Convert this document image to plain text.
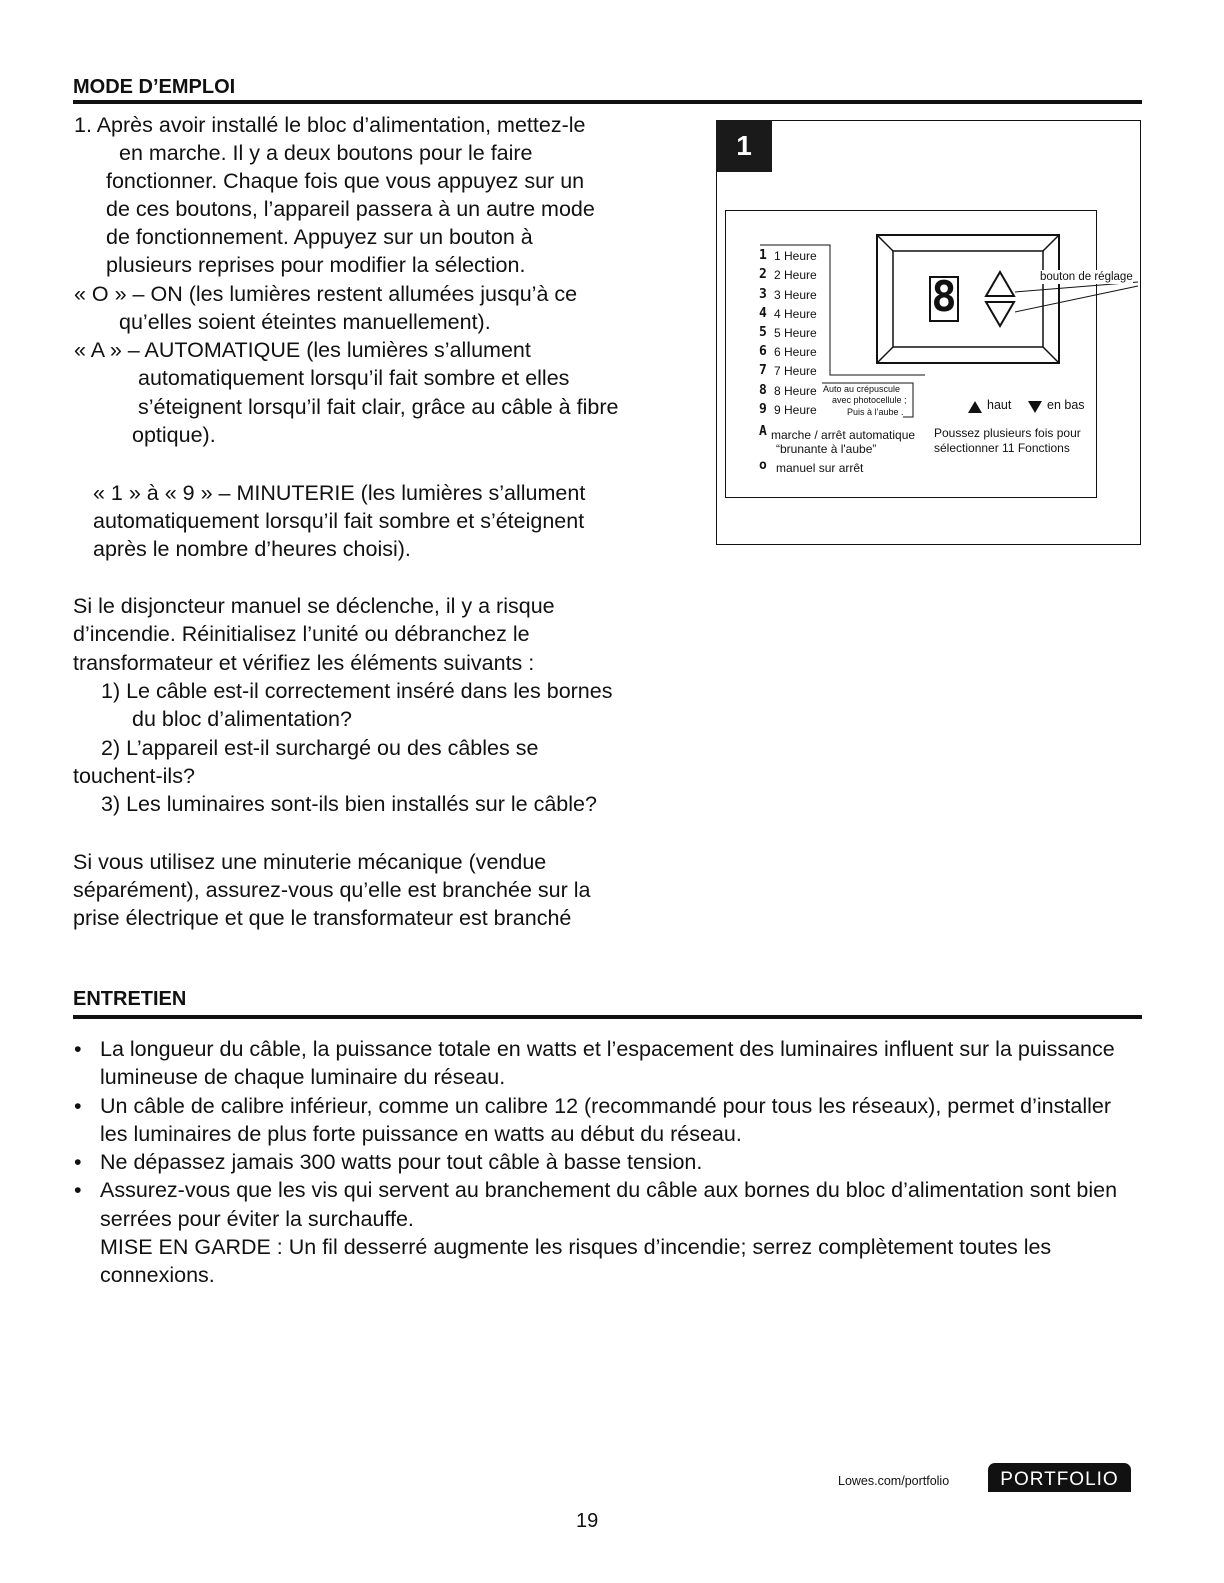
MODE D’EMPLOI
1. Après avoir installé le bloc d’alimentation, mettez-le
en marche. Il y a deux boutons pour le faire
fonctionner. Chaque fois que vous appuyez sur un
de ces boutons, l’appareil passera à un autre mode
de fonctionnement. Appuyez sur un bouton à
plusieurs reprises pour modifier la sélection.
« O » – ON (les lumières restent allumées jusqu’à ce
qu’elles soient éteintes manuellement).
« A » – AUTOMATIQUE (les lumières s’allument
automatiquement lorsqu’il fait sombre et elles
s’éteignent lorsqu’il fait clair, grâce au câble à fibre
optique).
« 1 » à « 9 » – MINUTERIE (les lumières s’allument
automatiquement lorsqu’il fait sombre et s’éteignent
après le nombre d’heures choisi).
Si le disjoncteur manuel se déclenche, il y a risque
d’incendie. Réinitialisez l’unité ou débranchez le
transformateur et vérifiez les éléments suivants :
1) Le câble est-il correctement inséré dans les bornes
du bloc d’alimentation?
2) L’appareil est-il surchargé ou des câbles se
touchent-ils?
3) Les luminaires sont-ils bien installés sur le câble?
Si vous utilisez une minuterie mécanique (vendue
séparément), assurez-vous qu’elle est branchée sur la
prise électrique et que le transformateur est branché
1
8	bouton de réglage
1 1 Heure
2 2 Heure
3 3 Heure
4 4 Heure
5 5 Heure
6 6 Heure
7 7 Heure
8 8 Heure
9 9 Heure
A marche / arrêt automatique
“brunante à l'aube”
o manuel sur arrêt
Auto au crépuscule
avec photocellule ;
Puis à l’aube .	haut	en bas
Poussez plusieurs fois pour
sélectionner 11 Fonctions
ENTRETIEN
• La longueur du câble, la puissance totale en watts et l’espacement des luminaires influent sur la puissance lumineuse de chaque luminaire du réseau.
• Un câble de calibre inférieur, comme un calibre 12 (recommandé pour tous les réseaux), permet d’installer les luminaires de plus forte puissance en watts au début du réseau.
• Ne dépassez jamais 300 watts pour tout câble à basse tension.
• Assurez-vous que les vis qui servent au branchement du câble aux bornes du bloc d’alimentation sont bien serrées pour éviter la surchauffe.
MISE EN GARDE : Un fil desserré augmente les risques d’incendie; serrez complètement toutes les connexions.
Lowes.com/portfolio	PORTFOLIO
19
